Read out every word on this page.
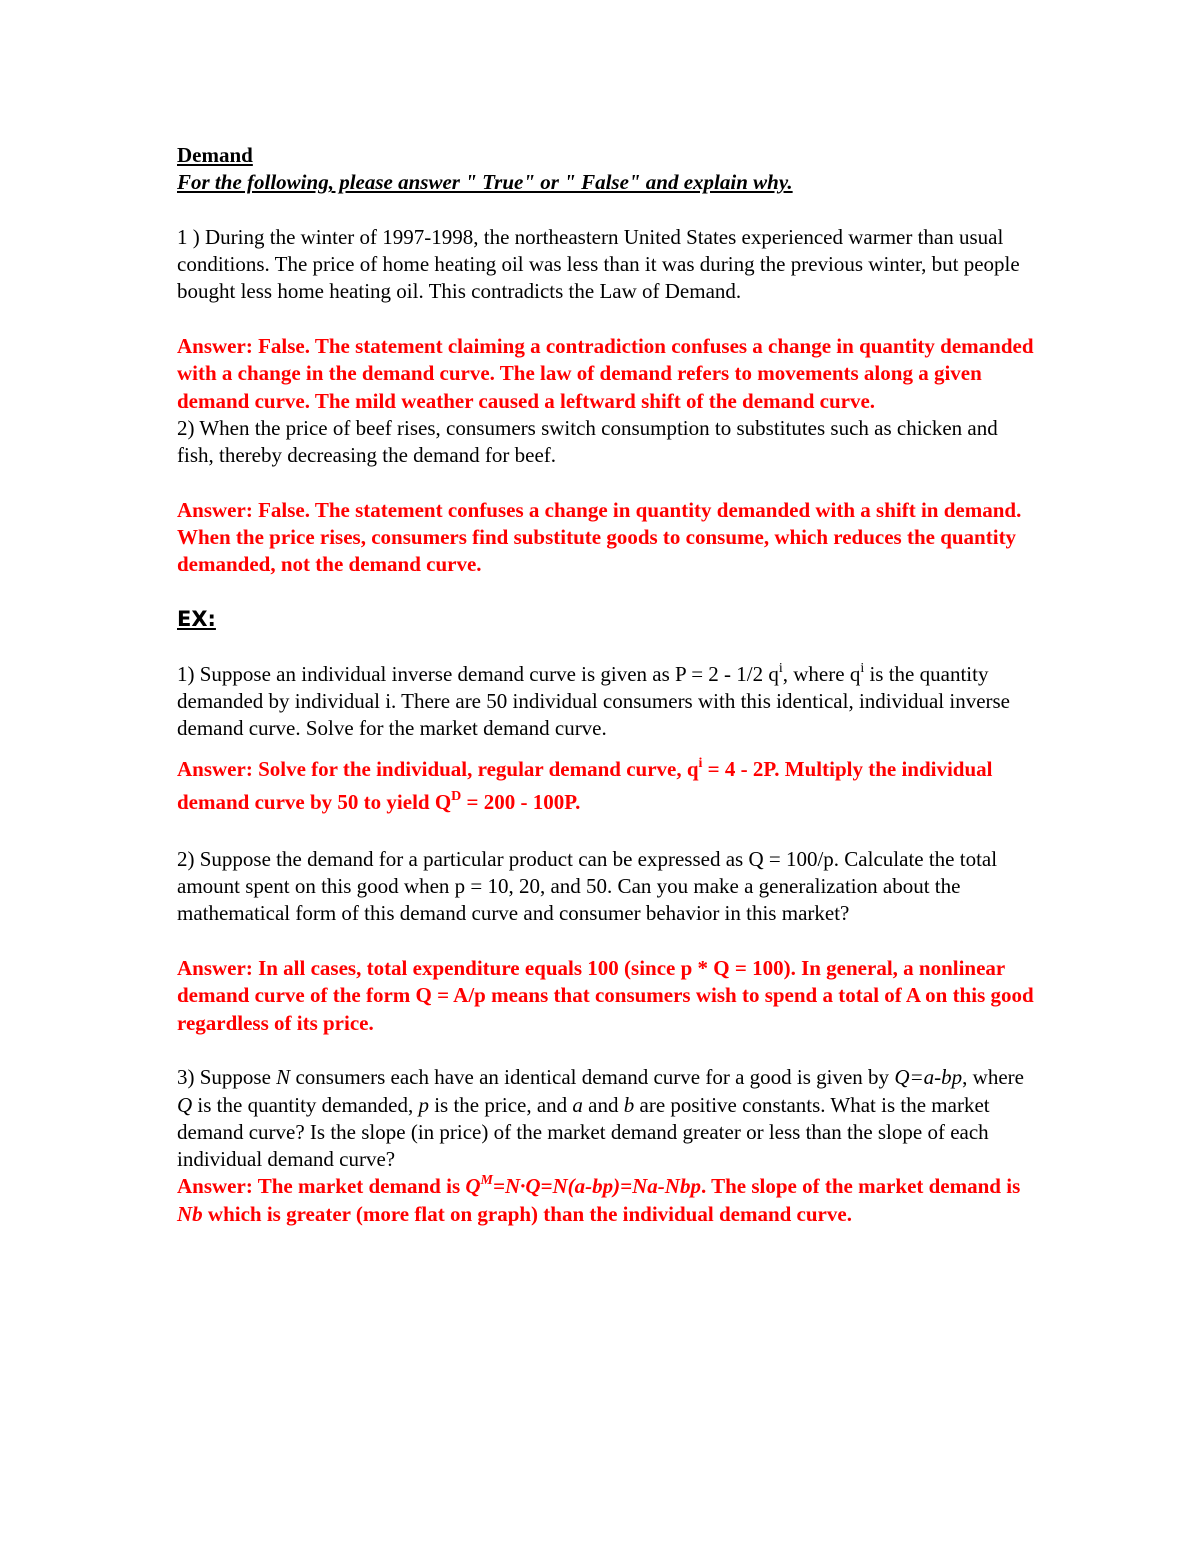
Demand

For the following, please answer " True" or " False" and explain why.

1 ) During the winter of 1997-1998, the northeastern United States experienced warmer than usual conditions. The price of home heating oil was less than it was during the previous winter, but people bought less home heating oil. This contradicts the Law of Demand.

Answer: False. The statement claiming a contradiction confuses a change in quantity demanded with a change in the demand curve. The law of demand refers to movements along a given demand curve. The mild weather caused a leftward shift of the demand curve.

2) When the price of beef rises, consumers switch consumption to substitutes such as chicken and fish, thereby decreasing the demand for beef.

Answer: False. The statement confuses a change in quantity demanded with a shift in demand. When the price rises, consumers find substitute goods to consume, which reduces the quantity demanded, not the demand curve.

EX:

1) Suppose an individual inverse demand curve is given as P = 2 - 1/2 $q^i$, where $q^i$ is the quantity demanded by individual i. There are 50 individual consumers with this identical, individual inverse demand curve. Solve for the market demand curve.

Answer: Solve for the individual, regular demand curve, $q^i = 4 - 2P$. Multiply the individual demand curve by 50 to yield $Q^D = 200 - 100P$.

2) Suppose the demand for a particular product can be expressed as Q = 100/p. Calculate the total amount spent on this good when p = 10, 20, and 50. Can you make a generalization about the mathematical form of this demand curve and consumer behavior in this market?

Answer: In all cases, total expenditure equals 100 (since p * Q = 100). In general, a nonlinear demand curve of the form Q = A/p means that consumers wish to spend a total of A on this good regardless of its price.

3) Suppose N consumers each have an identical demand curve for a good is given by Q=a-bp, where Q is the quantity demanded, p is the price, and a and b are positive constants. What is the market demand curve? Is the slope (in price) of the market demand greater or less than the slope of each individual demand curve?

Answer: The market demand is $Q^M=N\cdot Q=N(a-bp)=Na$-Nbp. The slope of the market demand is Nb which is greater (more flat on graph) than the individual demand curve.
